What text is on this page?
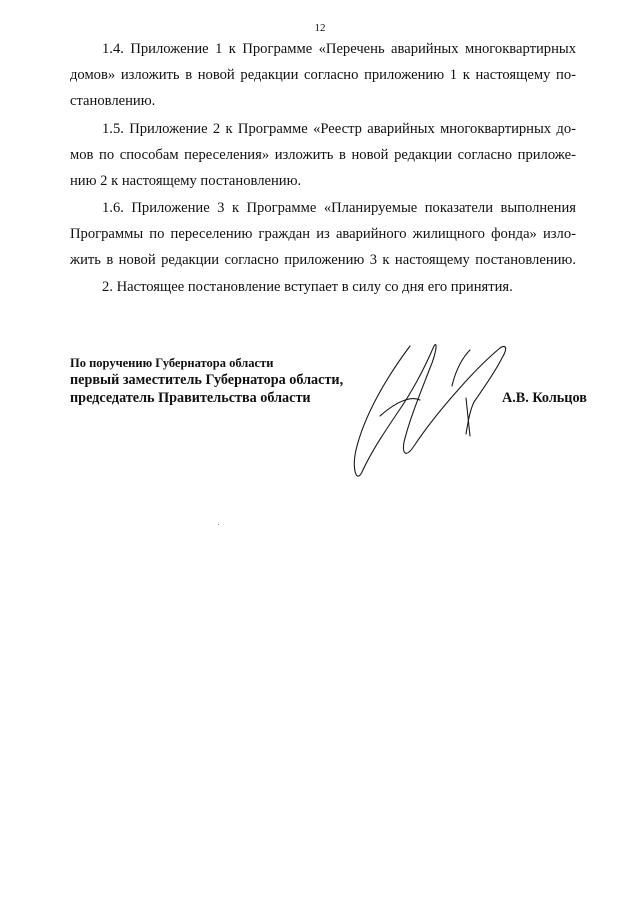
12
1.4. Приложение 1 к Программе «Перечень аварийных многоквартирных
домов» изложить в новой редакции согласно приложению 1 к настоящему по-
становлению.
1.5. Приложение 2 к Программе «Реестр аварийных многоквартирных до-
мов по способам переселения» изложить в новой редакции согласно приложе-
нию 2 к настоящему постановлению.
1.6. Приложение 3 к Программе «Планируемые показатели выполнения
Программы по переселению граждан из аварийного жилищного фонда» изло-
жить в новой редакции согласно приложению 3 к настоящему постановлению.
2. Настоящее постановление вступает в силу со дня его принятия.
По поручению Губернатора области
первый заместитель Губернатора области,
председатель Правительства области	А.В. Кольцов
